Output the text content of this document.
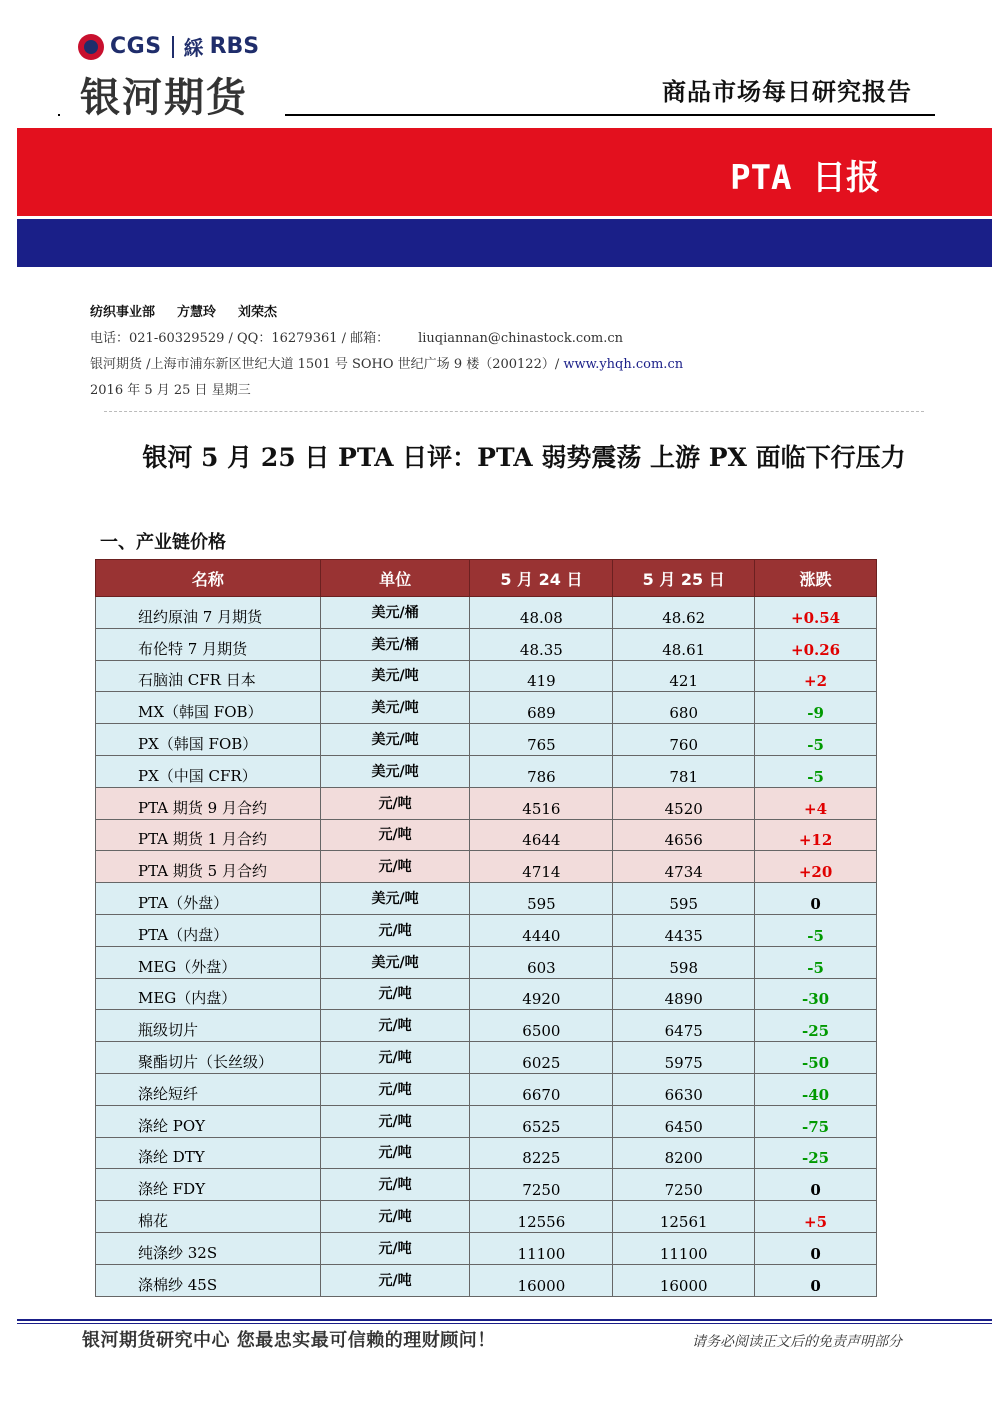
CGS 綵 RBS
银河期货	商品市场每日研究报告
PTA 日报
纺织事业部 方慧玲 刘荣杰
电话：021-60329529 / QQ：16279361 / 邮箱： liuqiannan@chinastock.com.cn
银河期货 /上海市浦东新区世纪大道 1501 号 SOHO 世纪广场 9 楼（200122）/ www.yhqh.com.cn
2016 年 5 月 25 日 星期三
银河 5 月 25 日 PTA 日评：PTA 弱势震荡 上游 PX 面临下行压力
一、产业链价格
名称	单位	5 月 24 日	5 月 25 日	涨跌
纽约原油 7 月期货	美元/桶	48.08	48.62	+0.54
布伦特 7 月期货	美元/桶	48.35	48.61	+0.26
石脑油 CFR 日本	美元/吨	419	421	+2
MX（韩国 FOB）	美元/吨	689	680	-9
PX（韩国 FOB）	美元/吨	765	760	-5
PX（中国 CFR）	美元/吨	786	781	-5
PTA 期货 9 月合约	元/吨	4516	4520	+4
PTA 期货 1 月合约	元/吨	4644	4656	+12
PTA 期货 5 月合约	元/吨	4714	4734	+20
PTA（外盘）	美元/吨	595	595	0
PTA（内盘）	元/吨	4440	4435	-5
MEG（外盘）	美元/吨	603	598	-5
MEG（内盘）	元/吨	4920	4890	-30
瓶级切片	元/吨	6500	6475	-25
聚酯切片（长丝级）	元/吨	6025	5975	-50
涤纶短纤	元/吨	6670	6630	-40
涤纶 POY	元/吨	6525	6450	-75
涤纶 DTY	元/吨	8225	8200	-25
涤纶 FDY	元/吨	7250	7250	0
棉花	元/吨	12556	12561	+5
纯涤纱 32S	元/吨	11100	11100	0
涤棉纱 45S	元/吨	16000	16000	0
银河期货研究中心 您最忠实最可信赖的理财顾问！	请务必阅读正文后的免责声明部分
